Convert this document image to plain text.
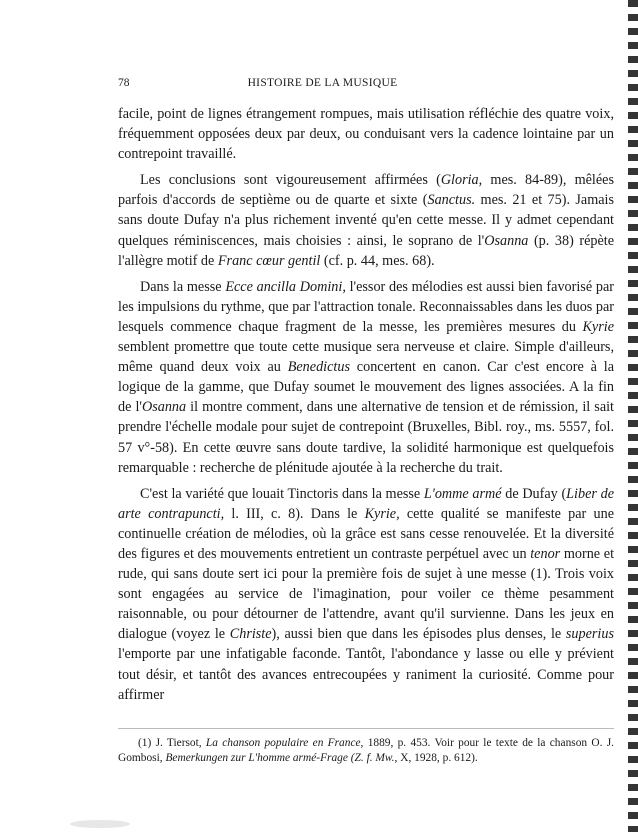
78	HISTOIRE DE LA MUSIQUE

facile, point de lignes étrangement rompues, mais utilisation réfléchie des quatre voix, fréquemment opposées deux par deux, ou conduisant vers la cadence lointaine par un contrepoint travaillé.

Les conclusions sont vigoureusement affirmées (Gloria, mes. 84-89), mêlées parfois d'accords de septième ou de quarte et sixte (Sanctus. mes. 21 et 75). Jamais sans doute Dufay n'a plus richement inventé qu'en cette messe. Il y admet cependant quelques réminiscences, mais choisies : ainsi, le soprano de l'Osanna (p. 38) répète l'allègre motif de Franc cœur gentil (cf. p. 44, mes. 68).

Dans la messe Ecce ancilla Domini, l'essor des mélodies est aussi bien favorisé par les impulsions du rythme, que par l'attraction tonale. Reconnaissables dans les duos par lesquels commence chaque fragment de la messe, les premières mesures du Kyrie semblent promettre que toute cette musique sera nerveuse et claire. Simple d'ailleurs, même quand deux voix au Benedictus concertent en canon. Car c'est encore à la logique de la gamme, que Dufay soumet le mouvement des lignes associées. A la fin de l'Osanna il montre comment, dans une alternative de tension et de rémission, il sait prendre l'échelle modale pour sujet de contrepoint (Bruxelles, Bibl. roy., ms. 5557, fol. 57 v°-58). En cette œuvre sans doute tardive, la solidité harmonique est quelquefois remarquable : recherche de plénitude ajoutée à la recherche du trait.

C'est la variété que louait Tinctoris dans la messe L'omme armé de Dufay (Liber de arte contrapuncti, l. III, c. 8). Dans le Kyrie, cette qualité se manifeste par une continuelle création de mélodies, où la grâce est sans cesse renouvelée. Et la diversité des figures et des mouvements entretient un contraste perpétuel avec un tenor morne et rude, qui sans doute sert ici pour la première fois de sujet à une messe (1). Trois voix sont engagées au service de l'imagination, pour voiler ce thème pesamment raisonnable, ou pour détourner de l'attendre, avant qu'il survienne. Dans les jeux en dialogue (voyez le Christe), aussi bien que dans les épisodes plus denses, le superius l'emporte par une infatigable faconde. Tantôt, l'abondance y lasse ou elle y prévient tout désir, et tantôt des avances entrecoupées y raniment la curiosité. Comme pour affirmer

(1) J. Tiersot, La chanson populaire en France, 1889, p. 453. Voir pour le texte de la chanson O. J. Gombosi, Bemerkungen zur L'homme armé-Frage (Z. f. Mw., X, 1928, p. 612).
